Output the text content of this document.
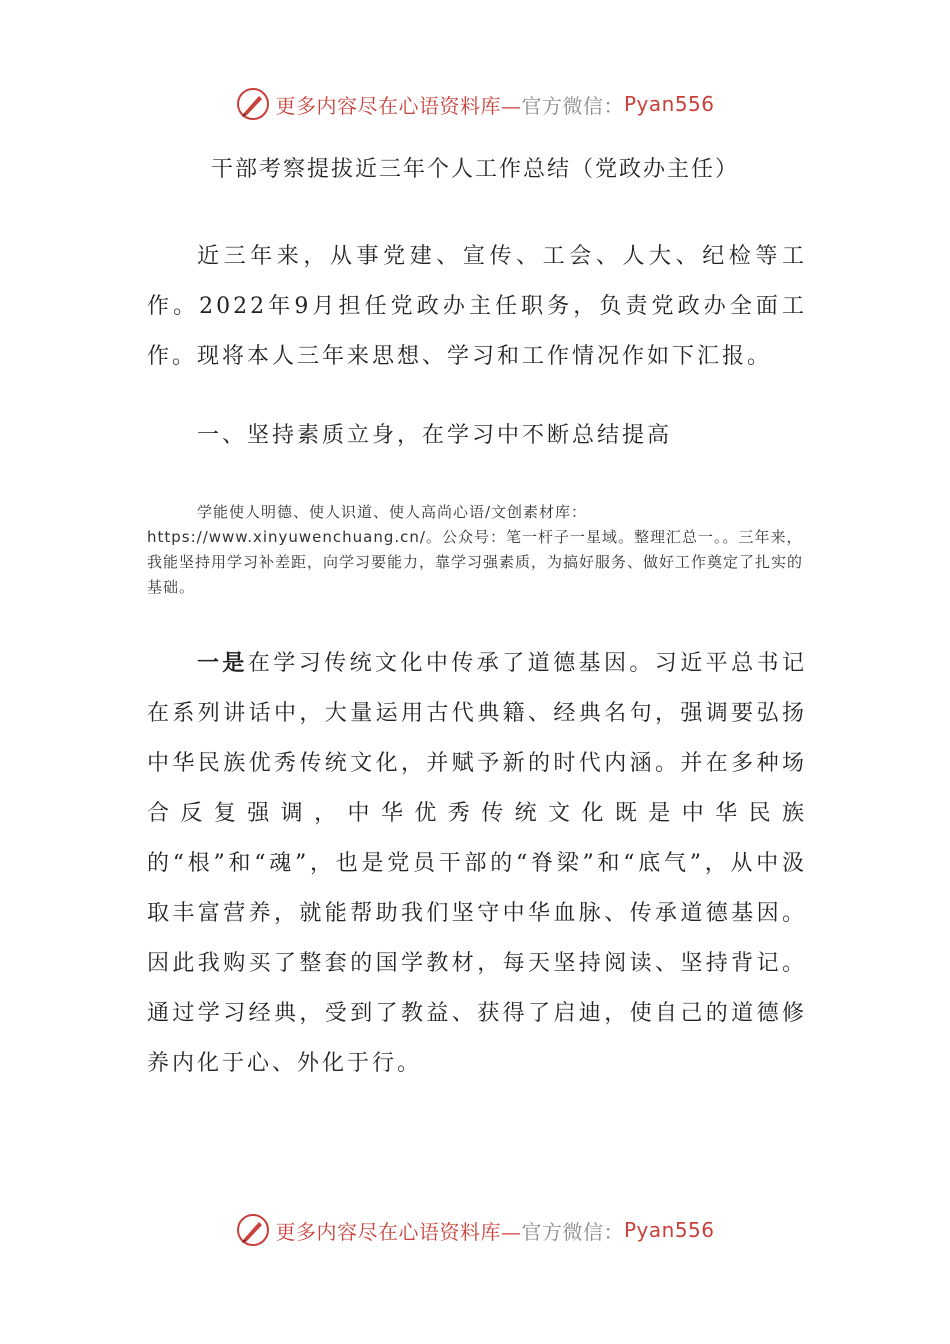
更多内容尽在心语资料库— 官方微信： Pyan556
干部考察提拔近三年个人工作总结（党政办主任）

近三年来，从事党建、宣传、工会、人大、纪检等工作。2022年9月担任党政办主任职务，负责党政办全面工作。现将本人三年来思想、学习和工作情况作如下汇报。

一、坚持素质立身，在学习中不断总结提高

学能使人明德、使人识道、使人高尚心语/文创素材库：https://www.xinyuwenchuang.cn/。公众号：笔一杆子一星域。整理汇总一。。三年来，我能坚持用学习补差距，向学习要能力，靠学习强素质，为搞好服务、做好工作奠定了扎实的基础。

一是在学习传统文化中传承了道德基因。习近平总书记在系列讲话中，大量运用古代典籍、经典名句，强调要弘扬中华民族优秀传统文化，并赋予新的时代内涵。并在多种场合反复强调，中华优秀传统文化既是中华民族的“根”和“魂”，也是党员干部的“脊梁”和“底气”，从中汲取丰富营养，就能帮助我们坚守中华血脉、传承道德基因。因此我购买了整套的国学教材，每天坚持阅读、坚持背记。通过学习经典，受到了教益、获得了启迪，使自己的道德修养内化于心、外化于行。

更多内容尽在心语资料库— 官方微信： Pyan556
